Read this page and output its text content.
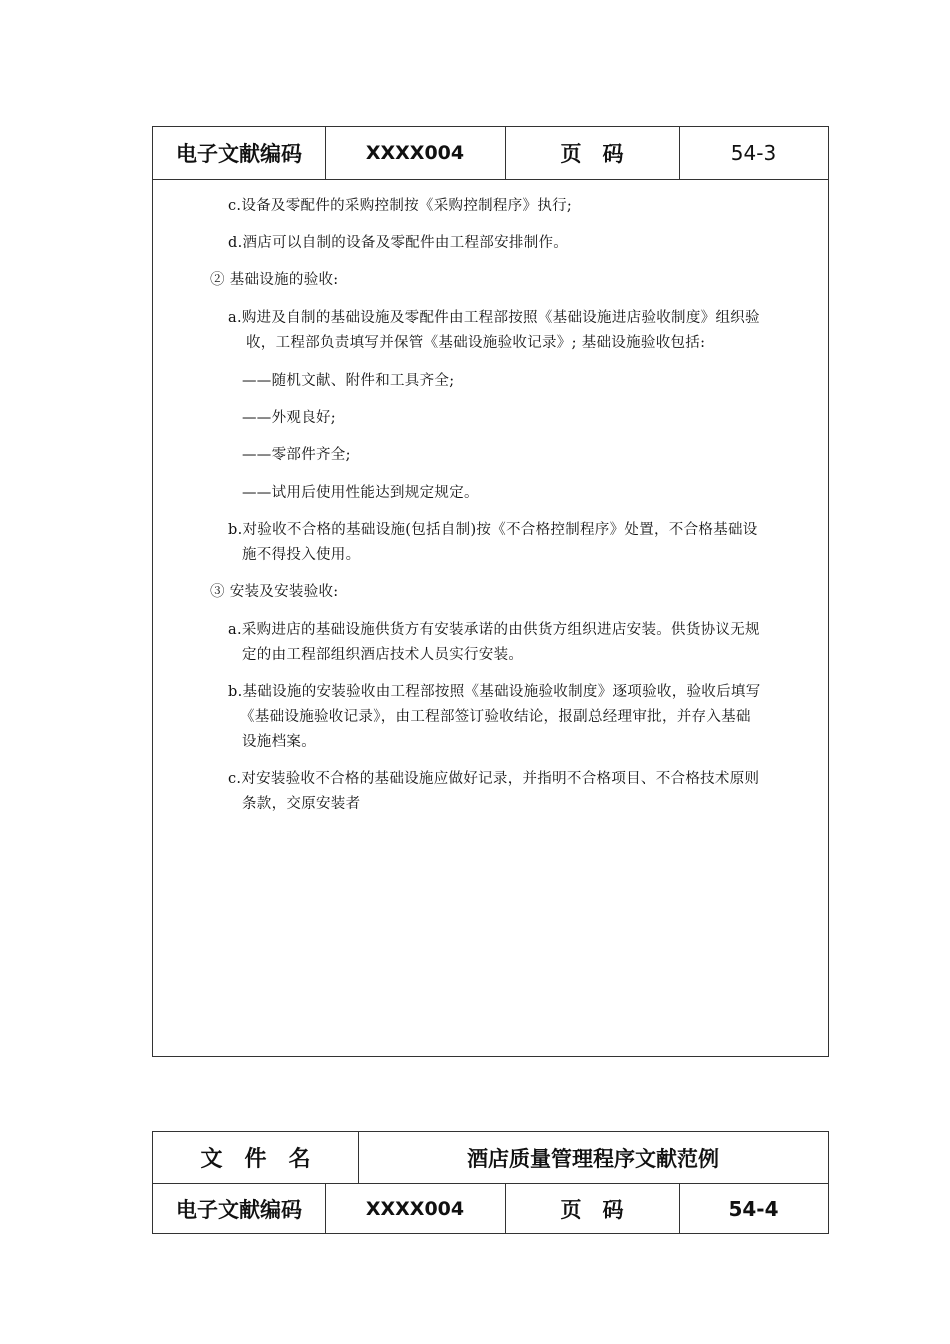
电子文献编码	XXXX004	页　码	54-3
c.设备及零配件的采购控制按《采购控制程序》执行;
d.酒店可以自制的设备及零配件由工程部安排制作。
② 基础设施的验收:
a.购进及自制的基础设施及零配件由工程部按照《基础设施进店验收制度》组织验
收，工程部负责填写并保管《基础设施验收记录》; 基础设施验收包括:
——随机文献、附件和工具齐全;
——外观良好;
——零部件齐全;
——试用后使用性能达到规定规定。
b.对验收不合格的基础设施(包括自制)按《不合格控制程序》处置，不合格基础设
施不得投入使用。
③ 安装及安装验收:
a.采购进店的基础设施供货方有安装承诺的由供货方组织进店安装。供货协议无规
定的由工程部组织酒店技术人员实行安装。
b.基础设施的安装验收由工程部按照《基础设施验收制度》逐项验收，验收后填写
《基础设施验收记录》，由工程部签订验收结论，报副总经理审批，并存入基础
设施档案。
c.对安装验收不合格的基础设施应做好记录，并指明不合格项目、不合格技术原则
条款，交原安装者
文　件　名	酒店质量管理程序文献范例
电子文献编码	XXXX004	页　码	54-4
